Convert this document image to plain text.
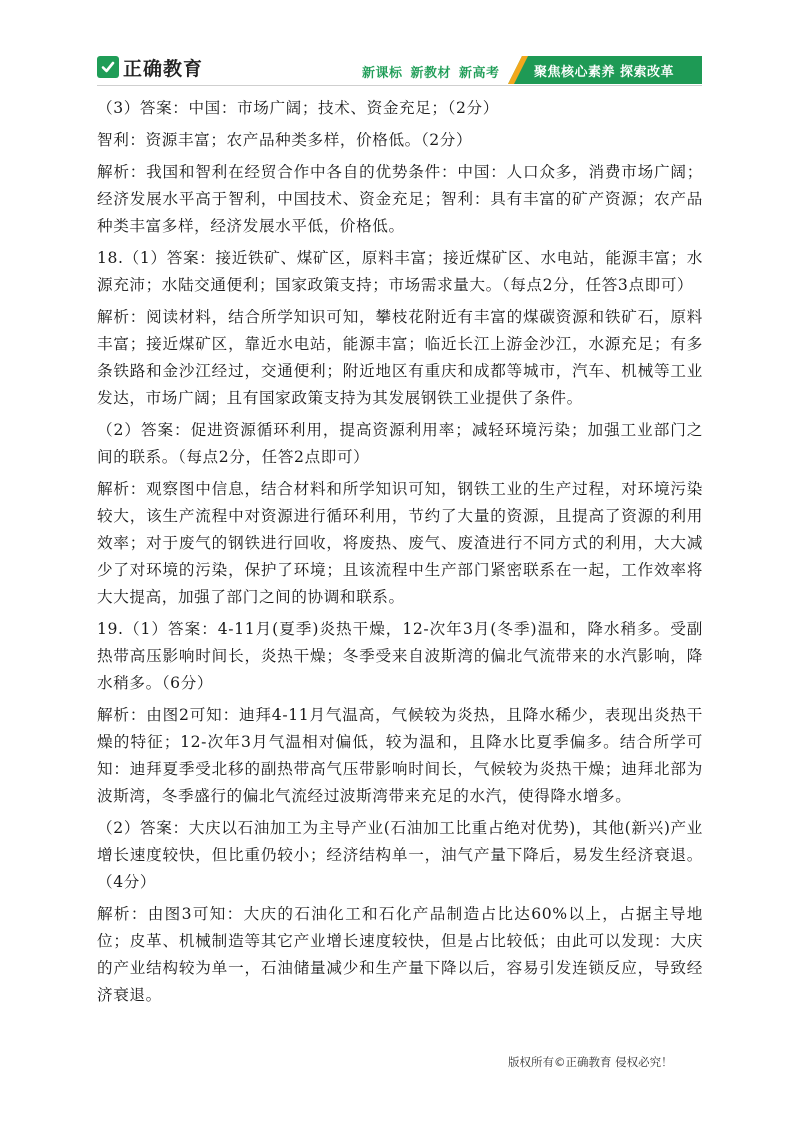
正确教育	新课标 新教材 新高考	聚焦核心素养 探索改革

（3）答案：中国：市场广阔；技术、资金充足；（2分）

智利：资源丰富；农产品种类多样，价格低。（2分）

解析：我国和智利在经贸合作中各自的优势条件：中国：人口众多，消费市场广阔；经济发展水平高于智利，中国技术、资金充足；智利：具有丰富的矿产资源；农产品种类丰富多样，经济发展水平低，价格低。

18.（1）答案：接近铁矿、煤矿区，原料丰富；接近煤矿区、水电站，能源丰富；水源充沛；水陆交通便利；国家政策支持；市场需求量大。（每点2分，任答3点即可）

解析：阅读材料，结合所学知识可知，攀枝花附近有丰富的煤碳资源和铁矿石，原料丰富；接近煤矿区，靠近水电站，能源丰富；临近长江上游金沙江，水源充足；有多条铁路和金沙江经过，交通便利；附近地区有重庆和成都等城市，汽车、机械等工业发达，市场广阔；且有国家政策支持为其发展钢铁工业提供了条件。

（2）答案：促进资源循环利用，提高资源利用率；减轻环境污染；加强工业部门之间的联系。（每点2分，任答2点即可）

解析：观察图中信息，结合材料和所学知识可知，钢铁工业的生产过程，对环境污染较大，该生产流程中对资源进行循环利用，节约了大量的资源，且提高了资源的利用效率；对于废气的钢铁进行回收，将废热、废气、废渣进行不同方式的利用，大大减少了对环境的污染，保护了环境；且该流程中生产部门紧密联系在一起，工作效率将大大提高，加强了部门之间的协调和联系。

19.（1）答案：4-11月(夏季)炎热干燥，12-次年3月(冬季)温和，降水稍多。受副热带高压影响时间长，炎热干燥；冬季受来自波斯湾的偏北气流带来的水汽影响，降水稍多。（6分）

解析：由图2可知：迪拜4-11月气温高，气候较为炎热，且降水稀少，表现出炎热干燥的特征；12-次年3月气温相对偏低，较为温和，且降水比夏季偏多。结合所学可知：迪拜夏季受北移的副热带高气压带影响时间长，气候较为炎热干燥；迪拜北部为波斯湾，冬季盛行的偏北气流经过波斯湾带来充足的水汽，使得降水增多。

（2）答案：大庆以石油加工为主导产业(石油加工比重占绝对优势)，其他(新兴)产业增长速度较快，但比重仍较小；经济结构单一，油气产量下降后，易发生经济衰退。（4分）

解析：由图3可知：大庆的石油化工和石化产品制造占比达60%以上，占据主导地位；皮革、机械制造等其它产业增长速度较快，但是占比较低；由此可以发现：大庆的产业结构较为单一，石油储量减少和生产量下降以后，容易引发连锁反应，导致经济衰退。

版权所有©正确教育 侵权必究！
